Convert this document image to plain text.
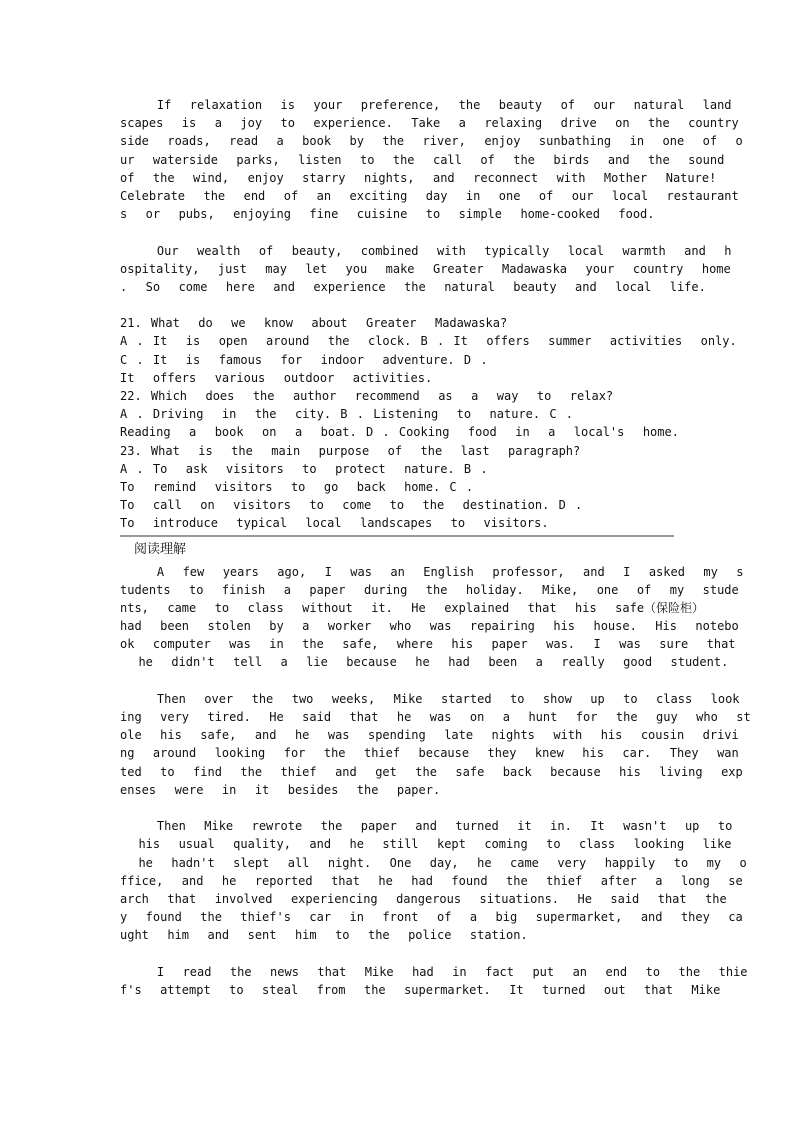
If  relaxation  is  your  preference,  the  beauty  of  our  natural  land
scapes  is  a  joy  to  experience.  Take  a  relaxing  drive  on  the  country
side  roads,  read  a  book  by  the  river,  enjoy  sunbathing  in  one  of  o
ur  waterside  parks,  listen  to  the  call  of  the  birds  and  the  sound
of  the  wind,  enjoy  starry  nights,  and  reconnect  with  Mother  Nature!
Celebrate  the  end  of  an  exciting  day  in  one  of  our  local  restaurant
s  or  pubs,  enjoying  fine  cuisine  to  simple  home-cooked  food.
Our  wealth  of  beauty,  combined  with  typically  local  warmth  and  h
ospitality,  just  may  let  you  make  Greater  Madawaska  your  country  home
.  So  come  here  and  experience  the  natural  beauty  and  local  life.
21. What  do  we  know  about  Greater  Madawaska?
A . It  is  open  around  the  clock. B . It  offers  summer  activities  only.
C . It  is  famous  for  indoor  adventure. D .
It  offers  various  outdoor  activities.
22. Which  does  the  author  recommend  as  a  way  to  relax?
A . Driving  in  the  city. B . Listening  to  nature. C .
Reading  a  book  on  a  boat. D . Cooking  food  in  a  local's  home.
23. What  is  the  main  purpose  of  the  last  paragraph?
A . To  ask  visitors  to  protect  nature. B .
To  remind  visitors  to  go  back  home. C .
To  call  on  visitors  to  come  to  the  destination. D .
To  introduce  typical  local  landscapes  to  visitors.
阅读理解
A  few  years  ago,  I  was  an  English  professor,  and  I  asked  my  s
tudents  to  finish  a  paper  during  the  holiday.  Mike,  one  of  my  stude
nts,  came  to  class  without  it.  He  explained  that  his  safe（保险柜）
had  been  stolen  by  a  worker  who  was  repairing  his  house.  His  notebo
ok  computer  was  in  the  safe,  where  his  paper  was.  I  was  sure  that
he  didn't  tell  a  lie  because  he  had  been  a  really  good  student.
Then  over  the  two  weeks,  Mike  started  to  show  up  to  class  look
ing  very  tired.  He  said  that  he  was  on  a  hunt  for  the  guy  who  st
ole  his  safe,  and  he  was  spending  late  nights  with  his  cousin  drivi
ng  around  looking  for  the  thief  because  they  knew  his  car.  They  wan
ted  to  find  the  thief  and  get  the  safe  back  because  his  living  exp
enses  were  in  it  besides  the  paper.
Then  Mike  rewrote  the  paper  and  turned  it  in.  It  wasn't  up  to
his  usual  quality,  and  he  still  kept  coming  to  class  looking  like
he  hadn't  slept  all  night.  One  day,  he  came  very  happily  to  my  o
ffice,  and  he  reported  that  he  had  found  the  thief  after  a  long  se
arch  that  involved  experiencing  dangerous  situations.  He  said  that  the
y  found  the  thief's  car  in  front  of  a  big  supermarket,  and  they  ca
ught  him  and  sent  him  to  the  police  station.
I  read  the  news  that  Mike  had  in  fact  put  an  end  to  the  thie
f's  attempt  to  steal  from  the  supermarket.  It  turned  out  that  Mike
